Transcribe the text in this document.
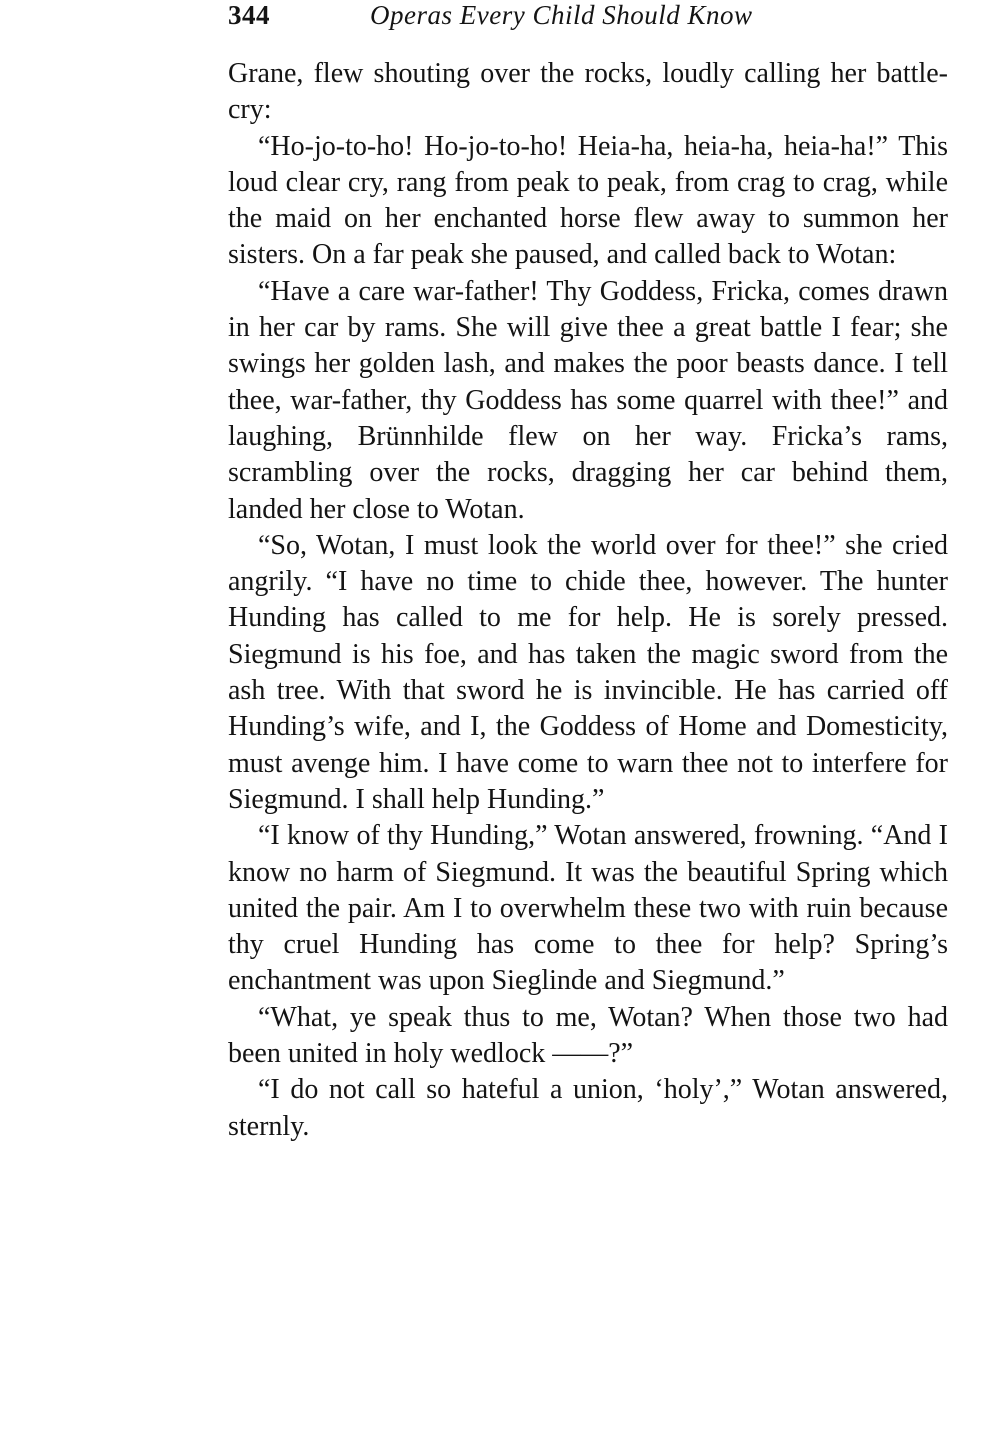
344	Operas Every Child Should Know

Grane, flew shouting over the rocks, loudly calling her battle-cry:

“Ho-jo-to-ho! Ho-jo-to-ho! Heia-ha, heia-ha, heia-ha!” This loud clear cry, rang from peak to peak, from crag to crag, while the maid on her enchanted horse flew away to summon her sisters. On a far peak she paused, and called back to Wotan:

“Have a care war-father! Thy Goddess, Fricka, comes drawn in her car by rams. She will give thee a great battle I fear; she swings her golden lash, and makes the poor beasts dance. I tell thee, war-father, thy Goddess has some quarrel with thee!” and laughing, Brünnhilde flew on her way. Fricka’s rams, scrambling over the rocks, dragging her car behind them, landed her close to Wotan.

“So, Wotan, I must look the world over for thee!” she cried angrily. “I have no time to chide thee, however. The hunter Hunding has called to me for help. He is sorely pressed. Siegmund is his foe, and has taken the magic sword from the ash tree. With that sword he is invincible. He has carried off Hunding’s wife, and I, the Goddess of Home and Domesticity, must avenge him. I have come to warn thee not to interfere for Siegmund. I shall help Hunding.”

“I know of thy Hunding,” Wotan answered, frowning. “And I know no harm of Siegmund. It was the beautiful Spring which united the pair. Am I to overwhelm these two with ruin because thy cruel Hunding has come to thee for help? Spring’s enchantment was upon Sieglinde and Siegmund.”

“What, ye speak thus to me, Wotan? When those two had been united in holy wedlock ——?”

“I do not call so hateful a union, ‘holy’,” Wotan answered, sternly.
